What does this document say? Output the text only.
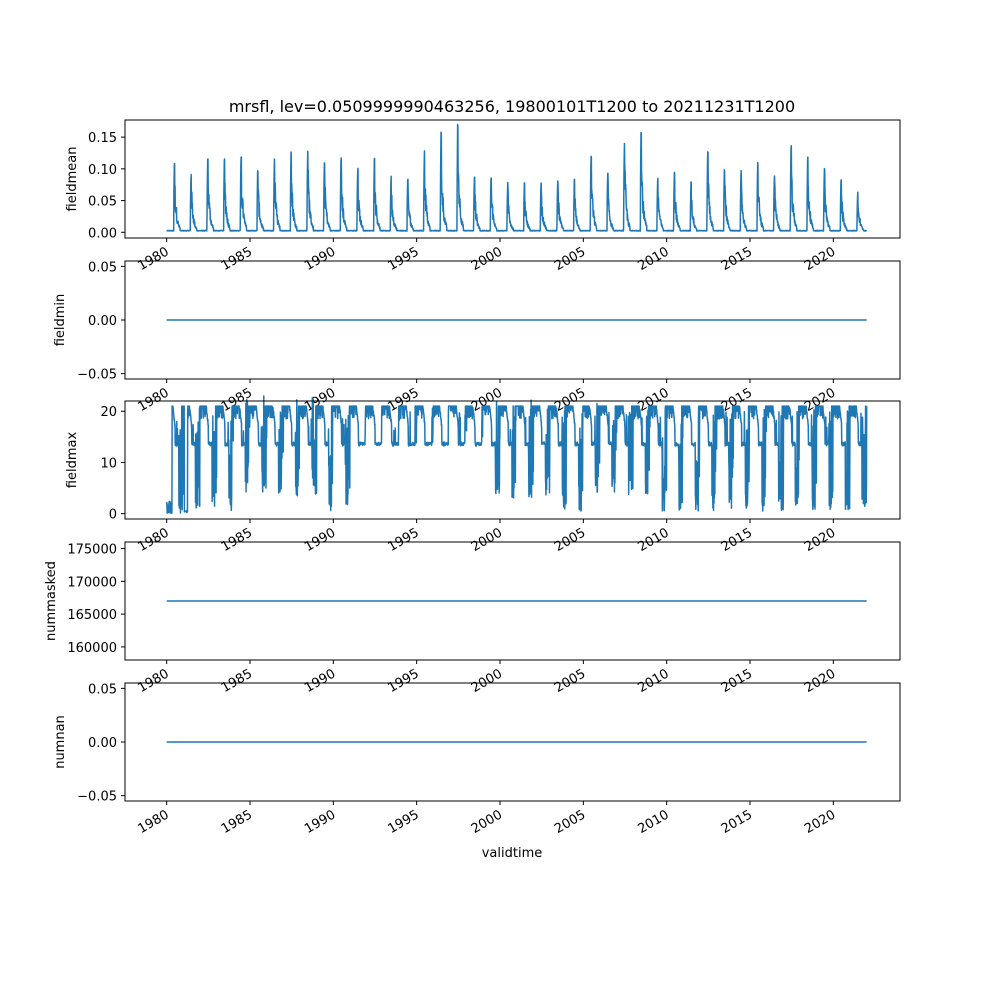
mrsfl, lev=0.0509999990463256, 19800101T1200 to 20211231T1200
0.00
0.05
0.10
0.15
1980	1985	1990	1995	2000	2005	2010	2015	2020
fieldmean
−0.05
0.00
0.05
1980	1985	1990	1995	2000	2005	2010	2015	2020
fieldmin
0
10
20
1980	1985	1990	1995	2000	2005	2010	2015	2020
fieldmax
160000
165000
170000
175000
1980	1985	1990	1995	2000	2005	2010	2015	2020
nummasked
−0.05
0.00
0.05
1980	1985	1990	1995	2000	2005	2010	2015	2020
numnan
validtime
